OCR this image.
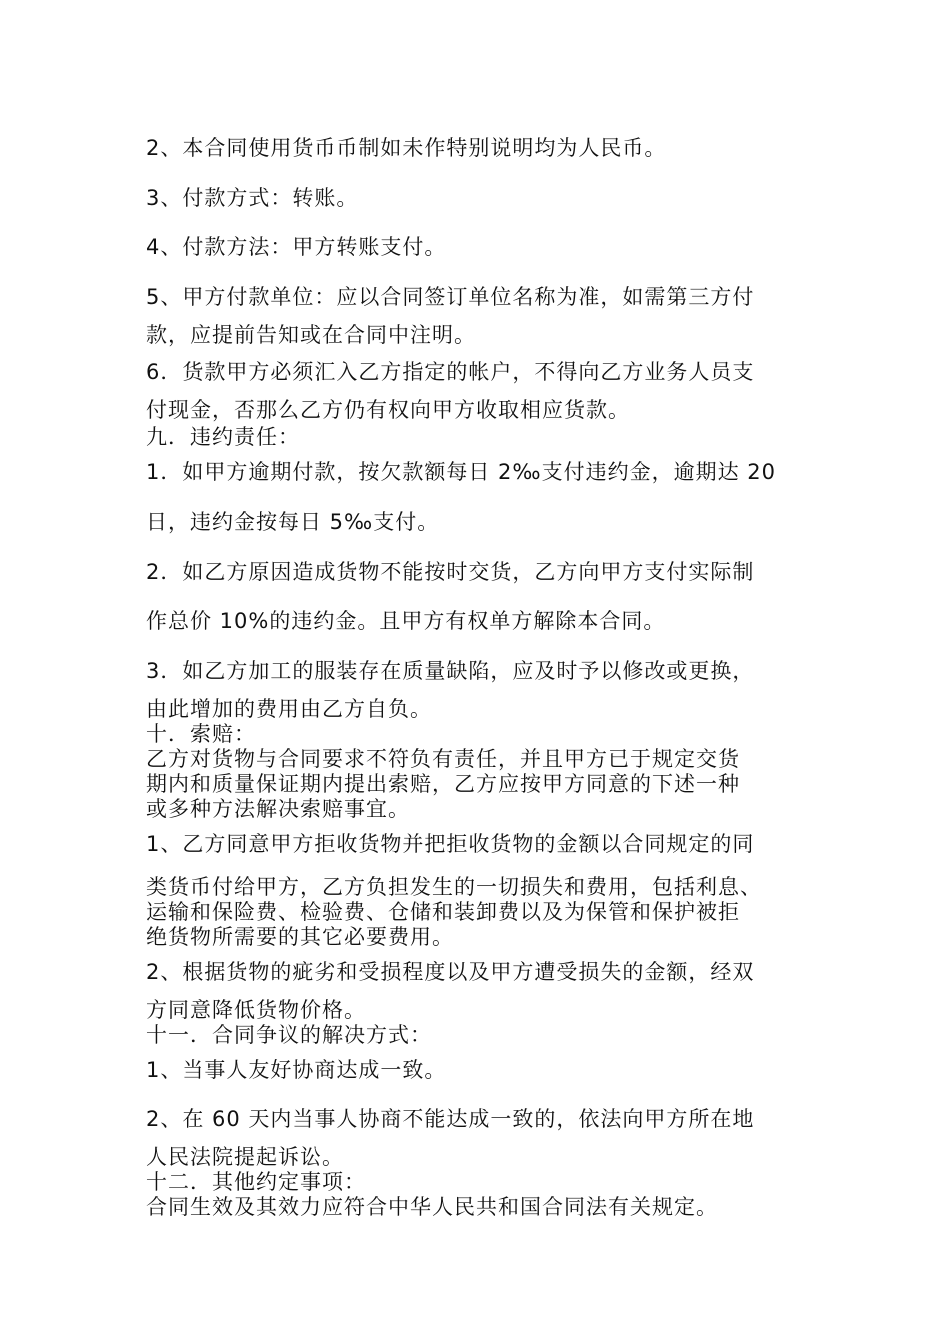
2、本合同使用货币币制如未作特别说明均为人民币。
3、付款方式：转账。
4、付款方法：甲方转账支付。
5、甲方付款单位：应以合同签订单位名称为准，如需第三方付
款，应提前告知或在合同中注明。
6．货款甲方必须汇入乙方指定的帐户，不得向乙方业务人员支
付现金，否那么乙方仍有权向甲方收取相应货款。
九．违约责任：
1．如甲方逾期付款，按欠款额每日 2‰支付违约金，逾期达 20
日，违约金按每日 5‰支付。
2．如乙方原因造成货物不能按时交货，乙方向甲方支付实际制
作总价 10%的违约金。且甲方有权单方解除本合同。
3．如乙方加工的服装存在质量缺陷，应及时予以修改或更换，
由此增加的费用由乙方自负。
十．索赔：
乙方对货物与合同要求不符负有责任，并且甲方已于规定交货
期内和质量保证期内提出索赔，乙方应按甲方同意的下述一种
或多种方法解决索赔事宜。
1、乙方同意甲方拒收货物并把拒收货物的金额以合同规定的同
类货币付给甲方，乙方负担发生的一切损失和费用，包括利息、
运输和保险费、检验费、仓储和装卸费以及为保管和保护被拒
绝货物所需要的其它必要费用。
2、根据货物的疵劣和受损程度以及甲方遭受损失的金额，经双
方同意降低货物价格。
十一．合同争议的解决方式：
1、当事人友好协商达成一致。
2、在 60 天内当事人协商不能达成一致的，依法向甲方所在地
人民法院提起诉讼。
十二．其他约定事项：
合同生效及其效力应符合中华人民共和国合同法有关规定。
